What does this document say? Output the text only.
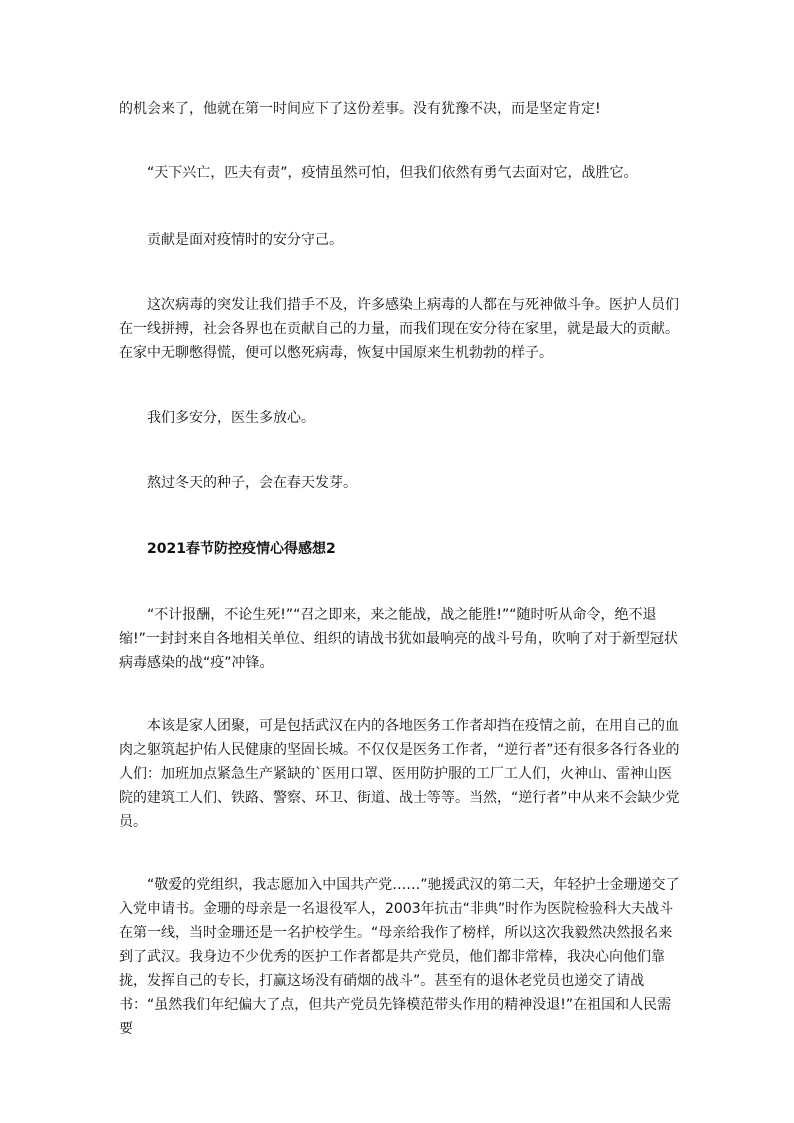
的机会来了，他就在第一时间应下了这份差事。没有犹豫不决，而是坚定肯定!

“天下兴亡，匹夫有责”，疫情虽然可怕，但我们依然有勇气去面对它，战胜它。

贡献是面对疫情时的安分守己。

这次病毒的突发让我们措手不及，许多感染上病毒的人都在与死神做斗争。医护人员们在一线拼搏，社会各界也在贡献自己的力量，而我们现在安分待在家里，就是最大的贡献。在家中无聊憋得慌，便可以憋死病毒，恢复中国原来生机勃勃的样子。

我们多安分，医生多放心。

熬过冬天的种子，会在春天发芽。

2021春节防控疫情心得感想2

“不计报酬，不论生死!”“召之即来，来之能战，战之能胜!”“随时听从命令，绝不退缩!”一封封来自各地相关单位、组织的请战书犹如最响亮的战斗号角，吹响了对于新型冠状病毒感染的战“疫”冲锋。

本该是家人团聚，可是包括武汉在内的各地医务工作者却挡在疫情之前，在用自己的血肉之躯筑起护佑人民健康的坚固长城。不仅仅是医务工作者，“逆行者”还有很多各行各业的人们：加班加点紧急生产紧缺的`医用口罩、医用防护服的工厂工人们，火神山、雷神山医院的建筑工人们、铁路、警察、环卫、街道、战士等等。当然，“逆行者”中从来不会缺少党员。

“敬爱的党组织，我志愿加入中国共产党……”驰援武汉的第二天，年轻护士金珊递交了入党申请书。金珊的母亲是一名退役军人，2003年抗击“非典”时作为医院检验科大夫战斗在第一线，当时金珊还是一名护校学生。“母亲给我作了榜样，所以这次我毅然决然报名来到了武汉。我身边不少优秀的医护工作者都是共产党员，他们都非常棒，我决心向他们靠拢，发挥自己的专长，打赢这场没有硝烟的战斗”。甚至有的退休老党员也递交了请战书：“虽然我们年纪偏大了点，但共产党员先锋模范带头作用的精神没退!”在祖国和人民需要
